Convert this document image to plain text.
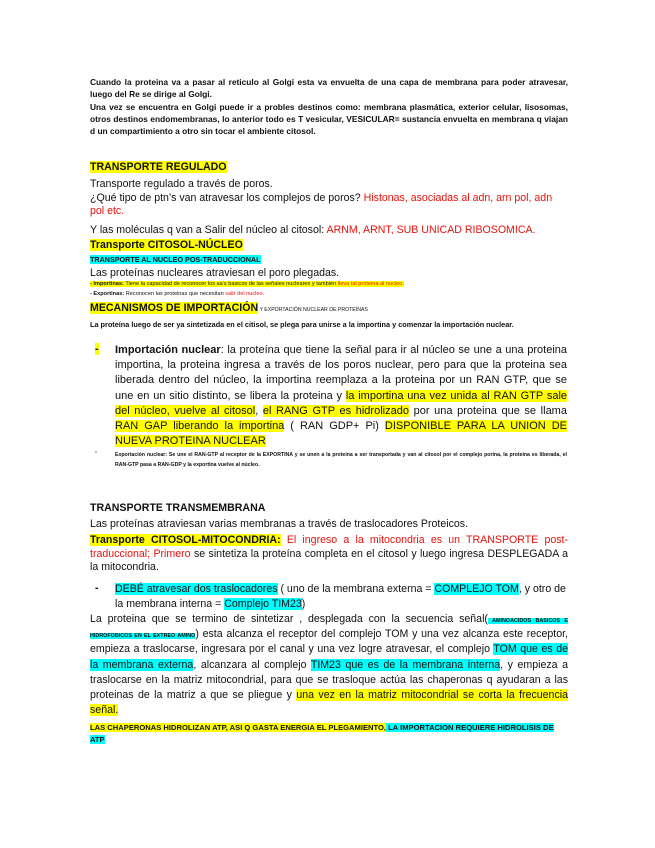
Cuando la proteina va a pasar al reticulo al Golgi esta va envuelta de una capa de membrana para poder atravesar, luego del Re se dirige al Golgi.
Una vez se encuentra en Golgi puede ir a probles destinos como: membrana plasmática, exterior celular, lisosomas, otros destinos endomembranas, lo anterior todo es T vesicular, VESICULAR= sustancia envuelta en membrana q viajan d un compartimiento a otro sin tocar el ambiente citosol.
TRANSPORTE REGULADO
Transporte regulado a través de poros.
¿Qué tipo de ptn’s van atravesar los complejos de poros? Histonas, asociadas al adn, arn pol, adn pol etc.
Y las moléculas q van a Salir del núcleo al citosol: ARNM, ARNT, SUB UNICAD RIBOSOMICA.
Transporte CITOSOL-NÚCLEO
TRANSPORTE AL NUCLEO POS-TRADUCCIONAL
Las proteínas nucleares atraviesan el poro plegadas.
- Importinas: Tiene la capacidad de reconocer los aa’s basicos de las señales nucleares y también lleva tal proteina al nucleo.
- Exportinas: Reconocen las proteinas que necesitan salir del nucleo.
MECANISMOS DE IMPORTACIÓN Y EXPORTACIÓN NUCLEAR DE PROTEÍNAS
La proteína luego de ser ya sintetizada en el citisol, se plega para unirse a la importina y comenzar la importación nuclear.
- Importación nuclear: la proteína que tiene la señal para ir al núcleo se une a una proteina importina, la proteina ingresa a través de los poros nuclear, pero para que la proteina sea liberada dentro del núcleo, la importina reemplaza a la proteina por un RAN GTP, que se une en un sitio distinto, se libera la proteina y la importina una vez unida al RAN GTP sale del núcleo, vuelve al citosol, el RANG GTP es hidrolizado por una proteina que se llama RAN GAP liberando la importina ( RAN GDP+ Pi) DISPONIBLE PARA LA UNION DE NUEVA PROTEINA NUCLEAR
-	Exportación nuclear: Se une el RAN-GTP al receptor de la EXPORTINA y se unen a la proteina a ser transportada y van al citosol por el complejo porina, la proteina es liberada, el RAN-GTP pasa a RAN-GDP y la exportina vuelve al núcleo.
TRANSPORTE TRANSMEMBRANA
Las proteínas atraviesan varias membranas a través de traslocadores Proteicos.
Transporte CITOSOL-MITOCONDRIA: El ingreso a la mitocondria es un TRANSPORTE post-traduccional; Primero se sintetiza la proteína completa en el citosol y luego ingresa DESPLEGADA a la mitocondria.
- DEBÉ atravesar dos traslocadores ( uno de la membrana externa = COMPLEJO TOM, y otro de la membrana interna = Complejo TIM23)
La proteina que se termino de sintetizar , desplegada con la secuencia señal( AMINOACIDOS BASICOS E HIDROFOBICOS EN EL EXTREO AMINO) esta alcanza el receptor del complejo TOM y una vez alcanza este receptor, empieza a traslocarse, ingresara por el canal y una vez logre atravesar, el complejo TOM que es de la membrana externa, alcanzara al complejo TIM23 que es de la membrana interna, y empieza a traslocarse en la matriz mitocondrial, para que se trasloque actúa las chaperonas q ayudaran a las proteinas de la matriz a que se pliegue y una vez en la matriz mitocondrial se corta la frecuencia señal.
LAS CHAPERONAS HIDROLIZAN ATP, ASI Q GASTA ENERGIA EL PLEGAMIENTO, LA IMPORTACION REQUIERE HIDROLISIS DE ATP
